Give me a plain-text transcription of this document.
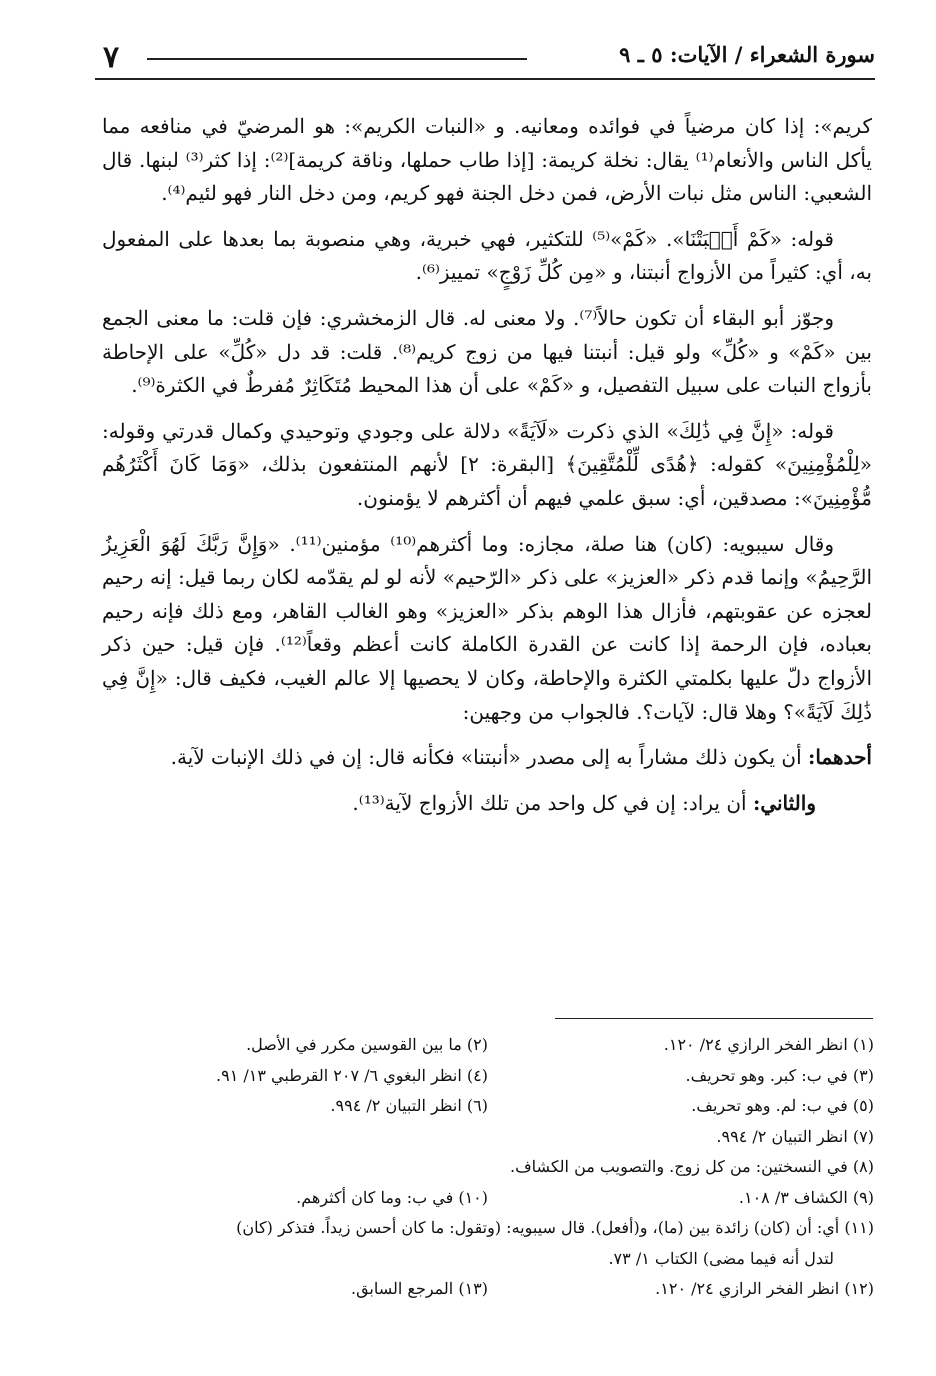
٧	سورة الشعراء / الآيات: ٥ ـ ٩

كريم»: إذا كان مرضياً في فوائده ومعانيه. و «النبات الكريم»: هو المرضيّ في منافعه مما يأكل الناس والأنعام⁽¹⁾ يقال: نخلة كريمة: [إذا طاب حملها، وناقة كريمة]⁽²⁾: إذا كثر⁽³⁾ لبنها. قال الشعبي: الناس مثل نبات الأرض، فمن دخل الجنة فهو كريم، ومن دخل النار فهو لئيم⁽⁴⁾.

قوله: «كَمْ أَنۢبَتْنَا». «كَمْ»⁽⁵⁾ للتكثير، فهي خبرية، وهي منصوبة بما بعدها على المفعول به، أي: كثيراً من الأزواج أنبتنا، و «مِن كُلِّ زَوْجٍ» تمييز⁽⁶⁾.

وجوّز أبو البقاء أن تكون حالاً⁽⁷⁾. ولا معنى له. قال الزمخشري: فإن قلت: ما معنى الجمع بين «كَمْ» و «كُلِّ» ولو قيل: أنبتنا فيها من زوج كريم⁽⁸⁾. قلت: قد دل «كُلِّ» على الإحاطة بأزواج النبات على سبيل التفصيل، و «كَمْ» على أن هذا المحيط مُتَكَاثِرٌ مُفرطٌ في الكثرة⁽⁹⁾.

قوله: «إِنَّ فِي ذَٰلِكَ» الذي ذكرت «لَآيَةً» دلالة على وجودي وتوحيدي وكمال قدرتي وقوله: «لِلْمُؤْمِنِينَ» كقوله: ﴿هُدًى لِّلْمُتَّقِينَ﴾ [البقرة: ٢] لأنهم المنتفعون بذلك، «وَمَا كَانَ أَكْثَرُهُم مُّؤْمِنِينَ»: مصدقين، أي: سبق علمي فيهم أن أكثرهم لا يؤمنون.

وقال سيبويه: (كان) هنا صلة، مجازه: وما أكثرهم⁽¹⁰⁾ مؤمنين⁽¹¹⁾. «وَإِنَّ رَبَّكَ لَهُوَ الْعَزِيزُ الرَّحِيمُ» وإنما قدم ذكر «العزيز» على ذكر «الرّحيم» لأنه لو لم يقدّمه لكان ربما قيل: إنه رحيم لعجزه عن عقوبتهم، فأزال هذا الوهم بذكر «العزيز» وهو الغالب القاهر، ومع ذلك فإنه رحيم بعباده، فإن الرحمة إذا كانت عن القدرة الكاملة كانت أعظم وقعاً⁽¹²⁾. فإن قيل: حين ذكر الأزواج دلّ عليها بكلمتي الكثرة والإحاطة، وكان لا يحصيها إلا عالم الغيب، فكيف قال: «إِنَّ فِي ذَٰلِكَ لَآيَةً»؟ وهلا قال: لآيات؟. فالجواب من وجهين:

أحدهما: أن يكون ذلك مشاراً به إلى مصدر «أنبتنا» فكأنه قال: إن في ذلك الإنبات لآية.

والثاني: أن يراد: إن في كل واحد من تلك الأزواج لآية⁽¹³⁾.

(١) انظر الفخر الرازي ٢٤/ ١٢٠.
(٢) ما بين القوسين مكرر في الأصل.
(٣) في ب: كبر. وهو تحريف.
(٤) انظر البغوي ٦/ ٢٠٧ القرطبي ١٣/ ٩١.
(٥) في ب: لم. وهو تحريف.
(٦) انظر التبيان ٢/ ٩٩٤.
(٧) انظر التبيان ٢/ ٩٩٤.
(٨) في النسختين: من كل زوج. والتصويب من الكشاف.
(٩) الكشاف ٣/ ١٠٨.
(١٠) في ب: وما كان أكثرهم.
(١١) أي: أن (كان) زائدة بين (ما)، و(أفعل). قال سيبويه: (وتقول: ما كان أحسن زيداً. فتذكر (كان)
لتدل أنه فيما مضى) الكتاب ١/ ٧٣.
(١٢) انظر الفخر الرازي ٢٤/ ١٢٠.
(١٣) المرجع السابق.
